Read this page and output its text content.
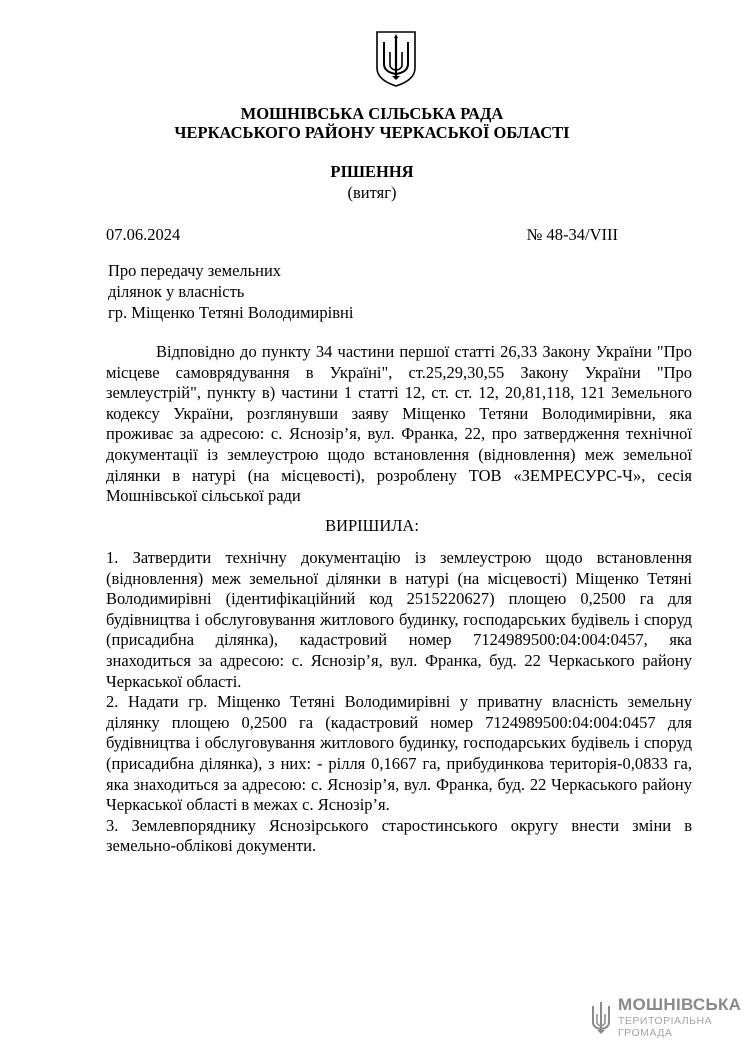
МОШНІВСЬКА СІЛЬСЬКА РАДА
ЧЕРКАСЬКОГО РАЙОНУ ЧЕРКАСЬКОЇ ОБЛАСТІ
РІШЕННЯ
(витяг)
07.06.2024	№ 48-34/VIII
Про передачу земельних
ділянок у власність
гр. Міщенко Тетяні Володимирівні

Відповідно до пункту 34 частини першої статті 26,33 Закону України "Про місцеве самоврядування в Україні", ст.25,29,30,55 Закону України "Про землеустрій", пункту в) частини 1 статті 12, ст. ст. 12, 20,81,118, 121 Земельного кодексу України, розглянувши заяву Міщенко Тетяни Володимирівни, яка проживає за адресою: с. Яснозір’я, вул. Франка, 22, про затвердження технічної документації із землеустрою щодо встановлення (відновлення) меж земельної ділянки в натурі (на місцевості), розроблену ТОВ «ЗЕМРЕСУРС-Ч», сесія Мошнівської сільської ради

ВИРІШИЛА:

1. Затвердити технічну документацію із землеустрою щодо встановлення (відновлення) меж земельної ділянки в натурі (на місцевості) Міщенко Тетяні Володимирівні (ідентифікаційний код 2515220627) площею 0,2500 га для будівництва і обслуговування житлового будинку, господарських будівель і споруд (присадибна ділянка), кадастровий номер 7124989500:04:004:0457, яка знаходиться за адресою: с. Яснозір’я, вул. Франка, буд. 22 Черкаського району Черкаської області.

2. Надати гр. Міщенко Тетяні Володимирівні у приватну власність земельну ділянку площею 0,2500 га (кадастровий номер 7124989500:04:004:0457 для будівництва і обслуговування житлового будинку, господарських будівель і споруд (присадибна ділянка), з них: - рілля 0,1667 га, прибудинкова територія-0,0833 га, яка знаходиться за адресою: с. Яснозір’я, вул. Франка, буд. 22 Черкаського району Черкаської області в межах с. Яснозір’я.

3. Землевпоряднику Яснозірського старостинського округу внести зміни в земельно-облікові документи.

МОШНІВСЬКА
ТЕРИТОРІАЛЬНА
ГРОМАДА
